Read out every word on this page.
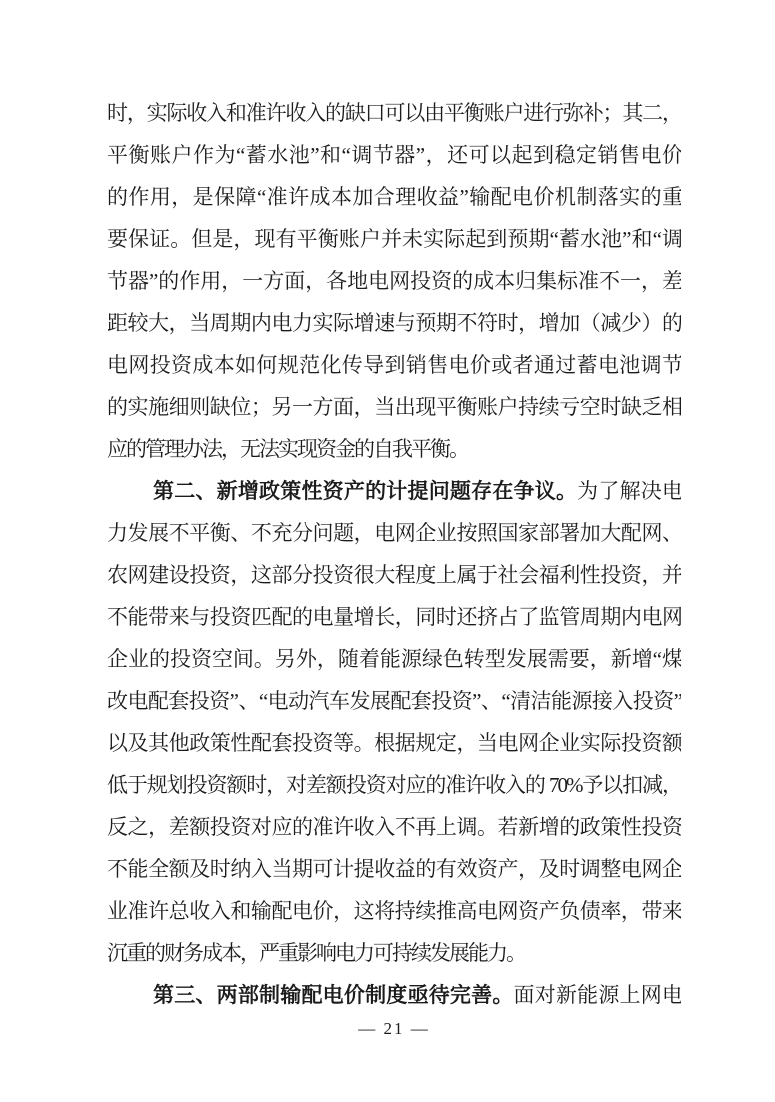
时，实际收入和准许收入的缺口可以由平衡账户进行弥补；其二，
平衡账户作为“蓄水池”和“调节器”，还可以起到稳定销售电价
的作用，是保障“准许成本加合理收益”输配电价机制落实的重
要保证。但是，现有平衡账户并未实际起到预期“蓄水池”和“调
节器”的作用，一方面，各地电网投资的成本归集标准不一，差
距较大，当周期内电力实际增速与预期不符时，增加（减少）的
电网投资成本如何规范化传导到销售电价或者通过蓄电池调节
的实施细则缺位；另一方面，当出现平衡账户持续亏空时缺乏相
应的管理办法，无法实现资金的自我平衡。
第二、新增政策性资产的计提问题存在争议。为了解决电
力发展不平衡、不充分问题，电网企业按照国家部署加大配网、
农网建设投资，这部分投资很大程度上属于社会福利性投资，并
不能带来与投资匹配的电量增长，同时还挤占了监管周期内电网
企业的投资空间。另外，随着能源绿色转型发展需要，新增“煤
改电配套投资”、“电动汽车发展配套投资”、“清洁能源接入投资”
以及其他政策性配套投资等。根据规定，当电网企业实际投资额
低于规划投资额时，对差额投资对应的准许收入的 70%予以扣减，
反之，差额投资对应的准许收入不再上调。若新增的政策性投资
不能全额及时纳入当期可计提收益的有效资产，及时调整电网企
业准许总收入和输配电价，这将持续推高电网资产负债率，带来
沉重的财务成本，严重影响电力可持续发展能力。
第三、两部制输配电价制度亟待完善。面对新能源上网电
— 21 —
